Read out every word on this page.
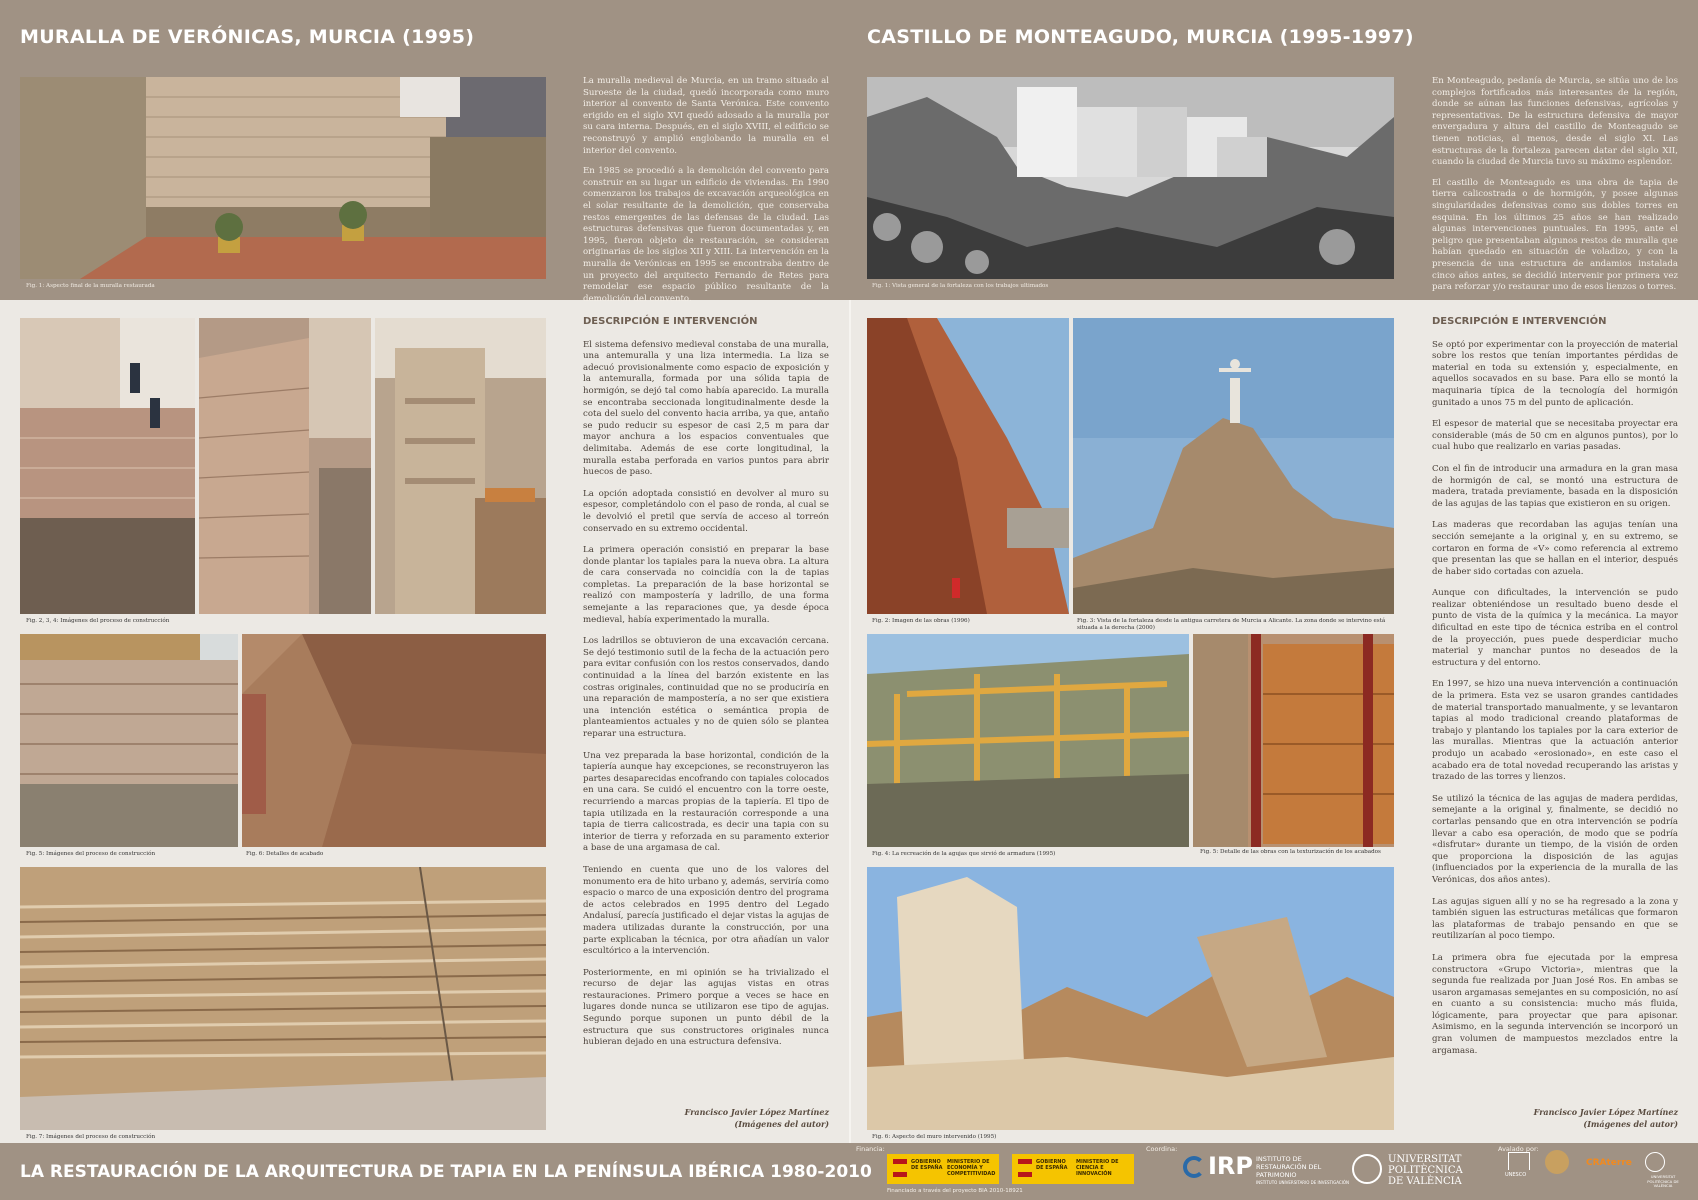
MURALLA DE VERÓNICAS, MURCIA (1995)	CASTILLO DE MONTEAGUDO, MURCIA (1995-1997)
Fig. 1: Aspecto final de la muralla restaurada

La muralla medieval de Murcia, en un tramo situado al Suroeste de la ciudad, quedó incorporada como muro interior al convento de Santa Verónica. Este convento erigido en el siglo XVI quedó adosado a la muralla por su cara interna. Después, en el siglo XVIII, el edificio se reconstruyó y amplió englobando la muralla en el interior del convento.

En 1985 se procedió a la demolición del convento para construir en su lugar un edificio de viviendas. En 1990 comenzaron los trabajos de excavación arqueológica en el solar resultante de la demolición, que conservaba restos emergentes de las defensas de la ciudad. Las estructuras defensivas que fueron documentadas y, en 1995, fueron objeto de restauración, se consideran originarias de los siglos XII y XIII. La intervención en la muralla de Verónicas en 1995 se encontraba dentro de un proyecto del arquitecto Fernando de Retes para remodelar ese espacio público resultante de la demolición del convento.

Fig. 1: Vista general de la fortaleza con los trabajos ultimados

En Monteagudo, pedanía de Murcia, se sitúa uno de los complejos fortificados más interesantes de la región, donde se aúnan las funciones defensivas, agrícolas y representativas. De la estructura defensiva de mayor envergadura y altura del castillo de Monteagudo se tienen noticias, al menos, desde el siglo XI. Las estructuras de la fortaleza parecen datar del siglo XII, cuando la ciudad de Murcia tuvo su máximo esplendor.

El castillo de Monteagudo es una obra de tapia de tierra calicostrada o de hormigón, y posee algunas singularidades defensivas como sus dobles torres en esquina. En los últimos 25 años se han realizado algunas intervenciones puntuales. En 1995, ante el peligro que presentaban algunos restos de muralla que habían quedado en situación de voladizo, y con la presencia de una estructura de andamios instalada cinco años antes, se decidió intervenir por primera vez para reforzar y/o restaurar uno de esos lienzos o torres.

Fig. 2, 3, 4: Imágenes del proceso de construcción
Fig. 5: Imágenes del proceso de construcción	Fig. 6: Detalles de acabado
Fig. 7: Imágenes del proceso de construcción
DESCRIPCIÓN E INTERVENCIÓN

El sistema defensivo medieval constaba de una muralla, una antemuralla y una liza intermedia. La liza se adecuó provisionalmente como espacio de exposición y la antemuralla, formada por una sólida tapia de hormigón, se dejó tal como había aparecido. La muralla se encontraba seccionada longitudinalmente desde la cota del suelo del convento hacia arriba, ya que, antaño se pudo reducir su espesor de casi 2,5 m para dar mayor anchura a los espacios conventuales que delimitaba. Además de ese corte longitudinal, la muralla estaba perforada en varios puntos para abrir huecos de paso.

La opción adoptada consistió en devolver al muro su espesor, completándolo con el paso de ronda, al cual se le devolvió el pretil que servía de acceso al torreón conservado en su extremo occidental.

La primera operación consistió en preparar la base donde plantar los tapiales para la nueva obra. La altura de cara conservada no coincidía con la de tapias completas. La preparación de la base horizontal se realizó con mampostería y ladrillo, de una forma semejante a las reparaciones que, ya desde época medieval, había experimentado la muralla.

Los ladrillos se obtuvieron de una excavación cercana. Se dejó testimonio sutil de la fecha de la actuación pero para evitar confusión con los restos conservados, dando continuidad a la línea del barzón existente en las costras originales, continuidad que no se produciría en una reparación de mampostería, a no ser que existiera una intención estética o semántica propia de planteamientos actuales y no de quien sólo se plantea reparar una estructura.

Una vez preparada la base horizontal, condición de la tapiería aunque hay excepciones, se reconstruyeron las partes desaparecidas encofrando con tapiales colocados en una cara. Se cuidó el encuentro con la torre oeste, recurriendo a marcas propias de la tapiería. El tipo de tapia utilizada en la restauración corresponde a una tapia de tierra calicostrada, es decir una tapia con su interior de tierra y reforzada en su paramento exterior a base de una argamasa de cal.

Teniendo en cuenta que uno de los valores del monumento era de hito urbano y, además, serviría como espacio o marco de una exposición dentro del programa de actos celebrados en 1995 dentro del Legado Andalusí, parecía justificado el dejar vistas la agujas de madera utilizadas durante la construcción, por una parte explicaban la técnica, por otra añadían un valor escultórico a la intervención.

Posteriormente, en mi opinión se ha trivializado el recurso de dejar las agujas vistas en otras restauraciones. Primero porque a veces se hace en lugares donde nunca se utilizaron ese tipo de agujas. Segundo porque suponen un punto débil de la estructura que sus constructores originales nunca hubieran dejado en una estructura defensiva.

Francisco Javier López Martínez
(Imágenes del autor)
Fig. 2: Imagen de las obras (1996)	Fig. 3: Vista de la fortaleza desde la antigua carretera de Murcia a Alicante. La zona donde se intervino está situada a la derecha (2000)
Fig. 4: La recreación de la agujas que sirvió de armadura (1995)	Fig. 5: Detalle de las obras con la texturización de los acabados
Fig. 6: Aspecto del muro intervenido (1995)
DESCRIPCIÓN E INTERVENCIÓN

Se optó por experimentar con la proyección de material sobre los restos que tenían importantes pérdidas de material en toda su extensión y, especialmente, en aquellos socavados en su base. Para ello se montó la maquinaria típica de la tecnología del hormigón gunitado a unos 75 m del punto de aplicación.

El espesor de material que se necesitaba proyectar era considerable (más de 50 cm en algunos puntos), por lo cual hubo que realizarlo en varias pasadas.

Con el fin de introducir una armadura en la gran masa de hormigón de cal, se montó una estructura de madera, tratada previamente, basada en la disposición de las agujas de las tapias que existieron en su origen.

Las maderas que recordaban las agujas tenían una sección semejante a la original y, en su extremo, se cortaron en forma de «V» como referencia al extremo que presentan las que se hallan en el interior, después de haber sido cortadas con azuela.

Aunque con dificultades, la intervención se pudo realizar obteniéndose un resultado bueno desde el punto de vista de la química y la mecánica. La mayor dificultad en este tipo de técnica estriba en el control de la proyección, pues puede desperdiciar mucho material y manchar puntos no deseados de la estructura y del entorno.

En 1997, se hizo una nueva intervención a continuación de la primera. Esta vez se usaron grandes cantidades de material transportado manualmente, y se levantaron tapias al modo tradicional creando plataformas de trabajo y plantando los tapiales por la cara exterior de las murallas. Mientras que la actuación anterior produjo un acabado «erosionado», en este caso el acabado era de total novedad recuperando las aristas y trazado de las torres y lienzos.

Se utilizó la técnica de las agujas de madera perdidas, semejante a la original y, finalmente, se decidió no cortarlas pensando que en otra intervención se podría llevar a cabo esa operación, de modo que se podría «disfrutar» durante un tiempo, de la visión de orden que proporciona la disposición de las agujas (influenciados por la experiencia de la muralla de las Verónicas, dos años antes).

Las agujas siguen allí y no se ha regresado a la zona y también siguen las estructuras metálicas que formaron las plataformas de trabajo pensando en que se reutilizarían al poco tiempo.

La primera obra fue ejecutada por la empresa constructora «Grupo Victoria», mientras que la segunda fue realizada por Juan José Ros. En ambas se usaron argamasas semejantes en su composición, no así en cuanto a su consistencia: mucho más fluida, lógicamente, para proyectar que para apisonar. Asimismo, en la segunda intervención se incorporó un gran volumen de mampuestos mezclados entre la argamasa.

Francisco Javier López Martínez
(Imágenes del autor)
LA RESTAURACIÓN DE LA ARQUITECTURA DE TAPIA EN LA PENÍNSULA IBÉRICA 1980-2010
Financia:
GOBIERNO DE ESPAÑA
MINISTERIO DE ECONOMÍA Y COMPETITIVIDAD
GOBIERNO DE ESPAÑA
MINISTERIO DE CIENCIA E INNOVACIÓN
Financiado a través del proyecto BIA 2010-18921
Coordina:
IRP INSTITUTO DE RESTAURACIÓN DEL PATRIMONIO
INSTITUTO UNIVERSITARIO DE INVESTIGACIÓN
UNIVERSITAT
POLITÈCNICA
DE VALÈNCIA
Avalado por:
UNESCO
CRAterre
UNIVERSITAT POLITÈCNICA DE VALÈNCIA
